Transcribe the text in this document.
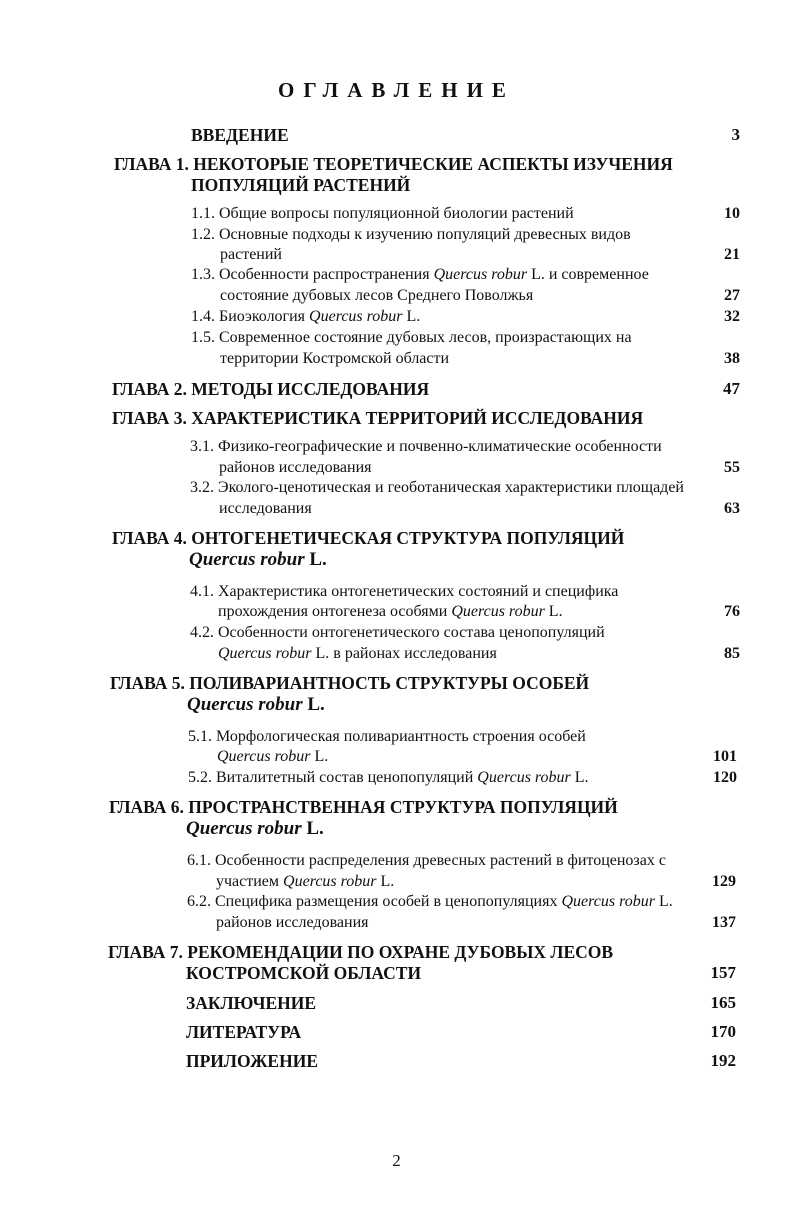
ОГЛАВЛЕНИЕ
ВВЕДЕНИЕ	3
ГЛАВА 1. НЕКОТОРЫЕ ТЕОРЕТИЧЕСКИЕ АСПЕКТЫ ИЗУЧЕНИЯ
ПОПУЛЯЦИЙ РАСТЕНИЙ
1.1. Общие вопросы популяционной биологии растений	10
1.2. Основные подходы к изучению популяций древесных видов
растений	21
1.3. Особенности распространения Quercus robur L. и современное
состояние дубовых лесов Среднего Поволжья	27
1.4. Биоэкология Quercus robur L.	32
1.5. Современное состояние дубовых лесов, произрастающих на
территории Костромской области	38
ГЛАВА 2. МЕТОДЫ ИССЛЕДОВАНИЯ	47
ГЛАВА 3. ХАРАКТЕРИСТИКА ТЕРРИТОРИЙ ИССЛЕДОВАНИЯ
3.1. Физико-географические и почвенно-климатические особенности
районов исследования	55
3.2. Эколого-ценотическая и геоботаническая характеристики площадей
исследования	63
ГЛАВА 4. ОНТОГЕНЕТИЧЕСКАЯ СТРУКТУРА ПОПУЛЯЦИЙ
Quercus robur L.
4.1. Характеристика онтогенетических состояний и специфика
прохождения онтогенеза особями Quercus robur L.	76
4.2. Особенности онтогенетического состава ценопопуляций
Quercus robur L. в районах исследования	85
ГЛАВА 5. ПОЛИВАРИАНТНОСТЬ СТРУКТУРЫ ОСОБЕЙ
Quercus robur L.
5.1. Морфологическая поливариантность строения особей
Quercus robur L.	101
5.2. Виталитетный состав ценопопуляций Quercus robur L.	120
ГЛАВА 6. ПРОСТРАНСТВЕННАЯ СТРУКТУРА ПОПУЛЯЦИЙ
Quercus robur L.
6.1. Особенности распределения древесных растений в фитоценозах с
участием Quercus robur L.	129
6.2. Специфика размещения особей в ценопопуляциях Quercus robur L.
районов исследования	137
ГЛАВА 7. РЕКОМЕНДАЦИИ ПО ОХРАНЕ ДУБОВЫХ ЛЕСОВ
КОСТРОМСКОЙ ОБЛАСТИ	157
ЗАКЛЮЧЕНИЕ	165
ЛИТЕРАТУРА	170
ПРИЛОЖЕНИЕ	192
2
